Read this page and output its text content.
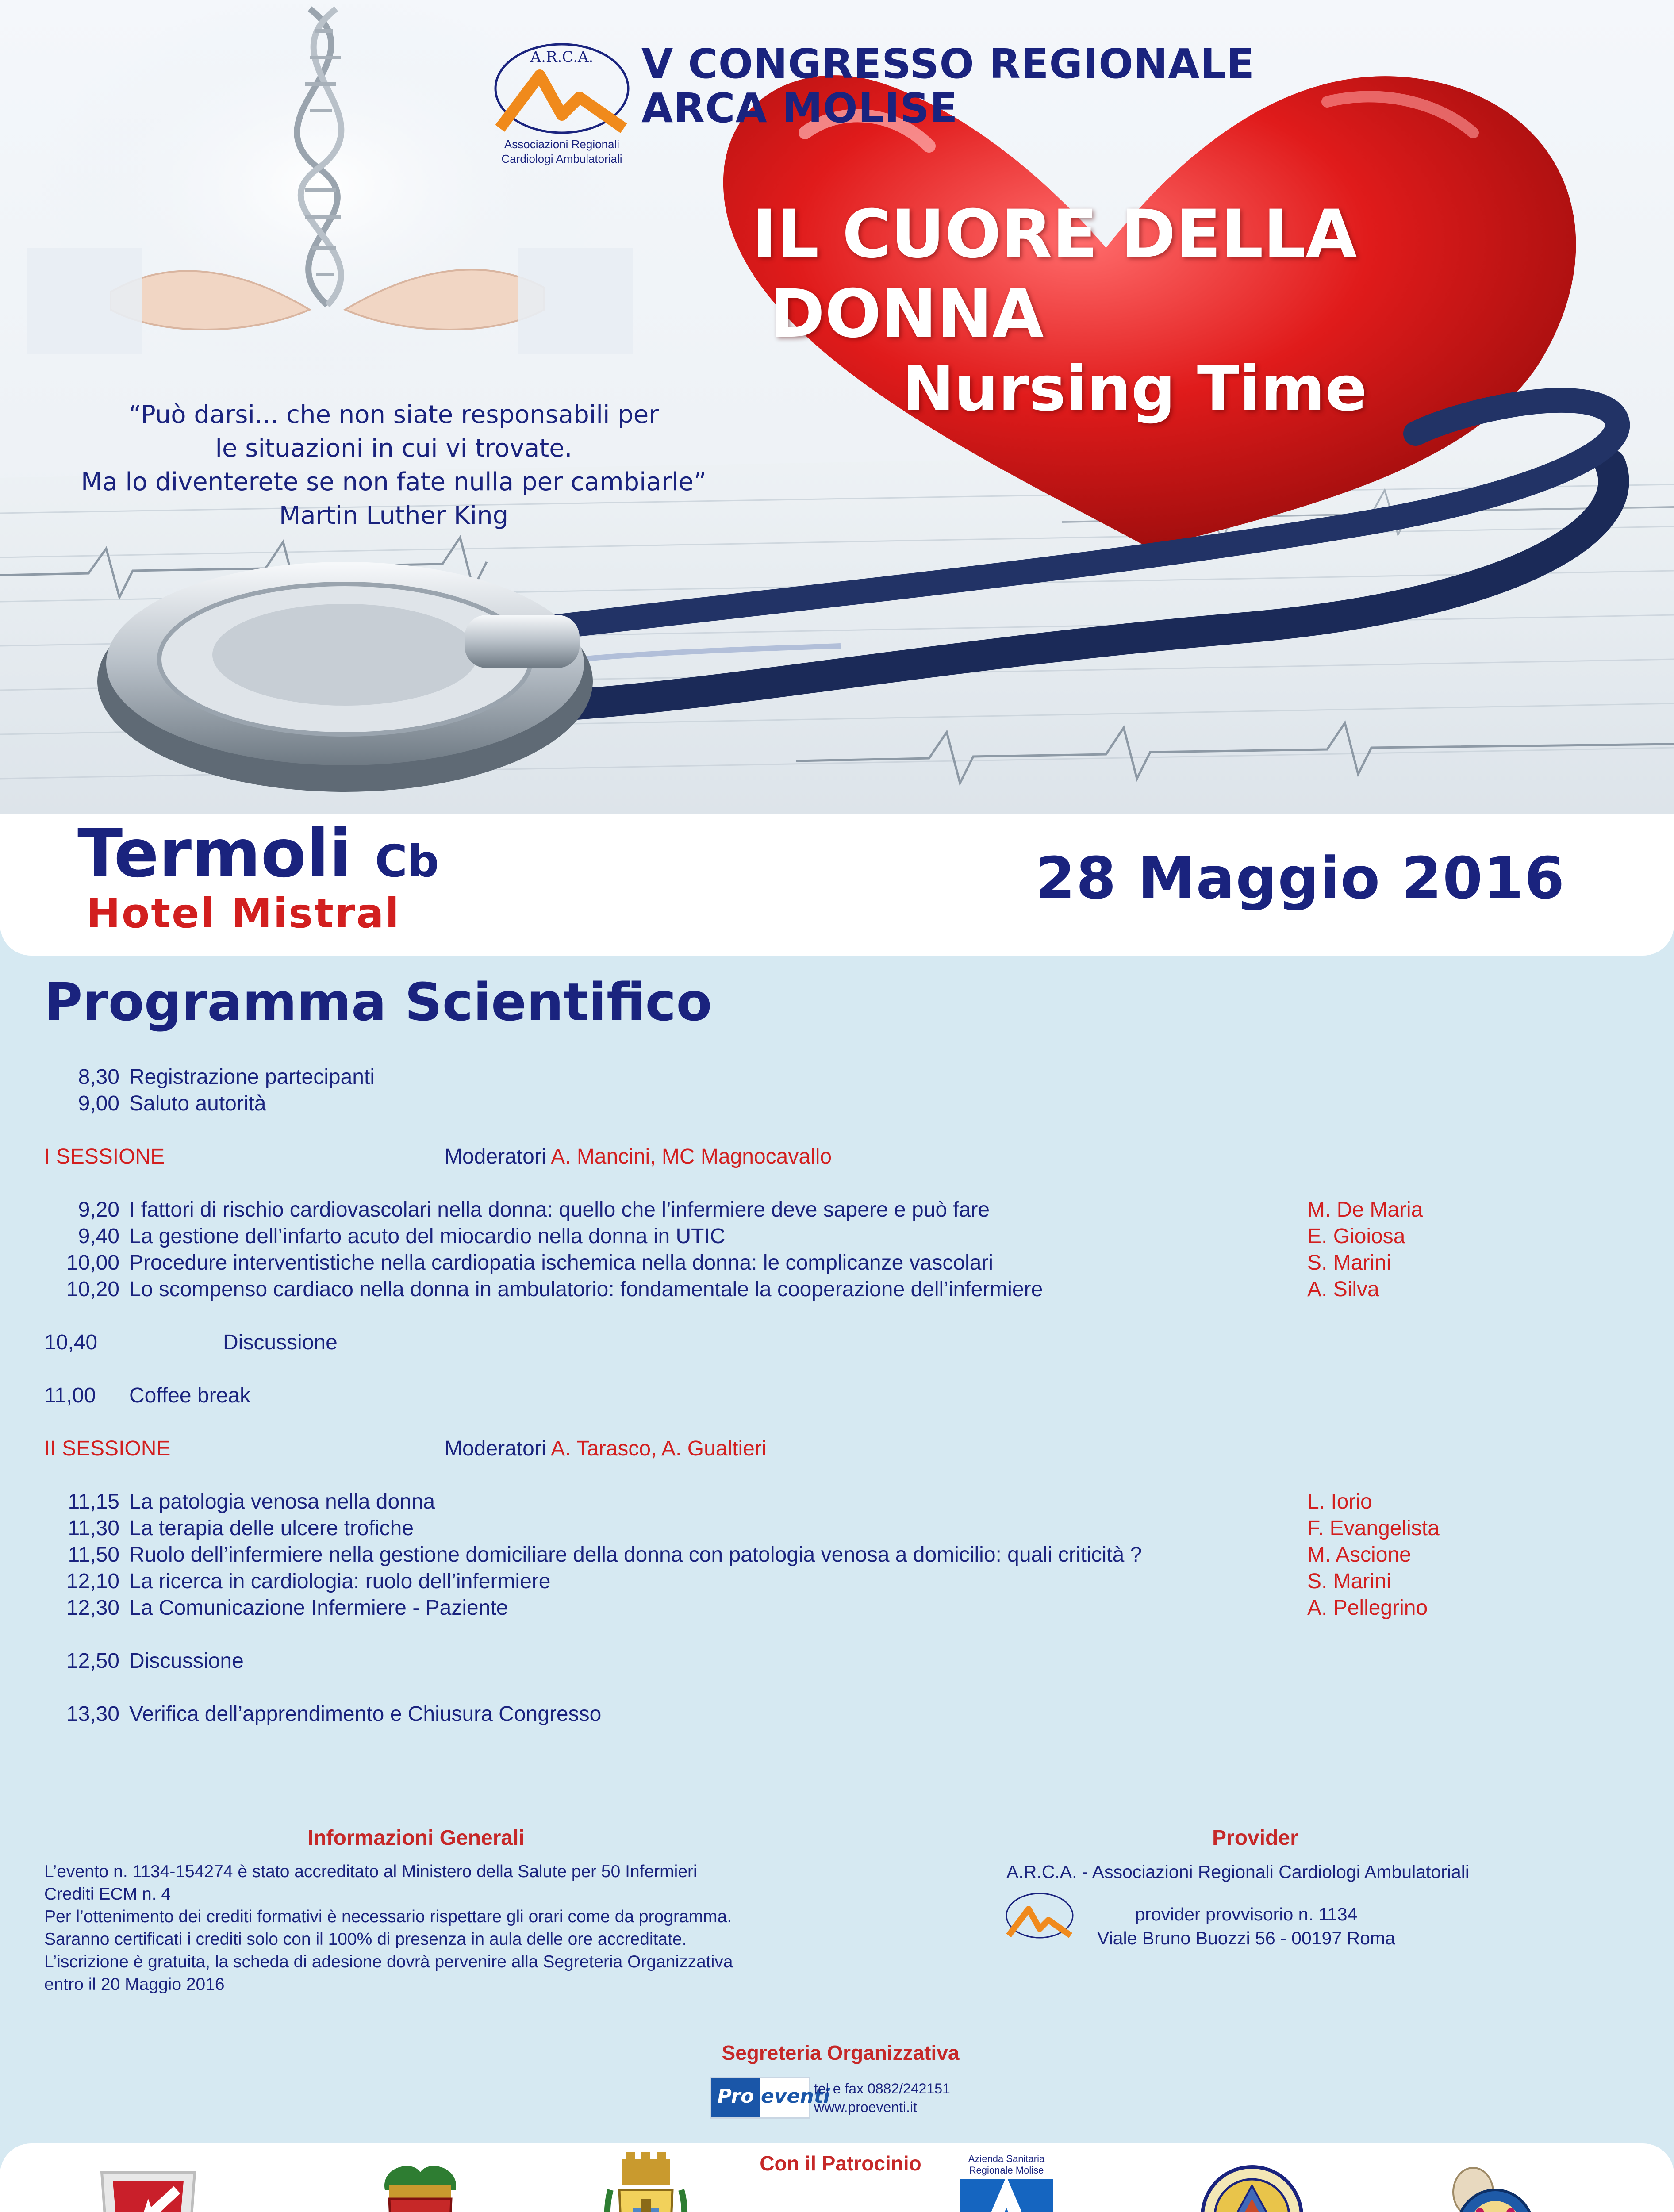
A.R.C.A.
Associazioni Regionali
Cardiologi Ambulatoriali
V CONGRESSO REGIONALE
ARCA MOLISE
IL CUORE DELLA
DONNA
Nursing Time
“Può darsi... che non siate responsabili per
le situazioni in cui vi trovate.
Ma lo diventerete se non fate nulla per cambiarle”
Martin Luther King
Termoli Cb
Hotel Mistral
28 Maggio 2016
Programma Scientifico
8,30 Registrazione partecipanti
9,00 Saluto autorità
I SESSIONE	Moderatori A. Mancini, MC Magnocavallo
9,20 I fattori di rischio cardiovascolari nella donna: quello che l’infermiere deve sapere e può fare	M. De Maria
9,40 La gestione dell’infarto acuto del miocardio nella donna in UTIC	E. Gioiosa
10,00 Procedure interventistiche nella cardiopatia ischemica nella donna: le complicanze vascolari	S. Marini
10,20 Lo scompenso cardiaco nella donna in ambulatorio: fondamentale la cooperazione dell’infermiere	A. Silva
10,40	Discussione
11,00 Coffee break
II SESSIONE	Moderatori A. Tarasco, A. Gualtieri
11,15 La patologia venosa nella donna	L. Iorio
11,30 La terapia delle ulcere trofiche	F. Evangelista
11,50 Ruolo dell’infermiere nella gestione domiciliare della donna con patologia venosa a domicilio: quali criticità ?	M. Ascione
12,10 La ricerca in cardiologia: ruolo dell’infermiere	S. Marini
12,30 La Comunicazione Infermiere - Paziente	A. Pellegrino
12,50 Discussione
13,30 Verifica dell’apprendimento e Chiusura Congresso
Informazioni Generali
L’evento n. 1134-154274 è stato accreditato al Ministero della Salute per 50 Infermieri
Crediti ECM n. 4
Per l’ottenimento dei crediti formativi è necessario rispettare gli orari come da programma.
Saranno certificati i crediti solo con il 100% di presenza in aula delle ore accreditate.
L’iscrizione è gratuita, la scheda di adesione dovrà pervenire alla Segreteria Organizzativa
entro il 20 Maggio 2016
Provider
A.R.C.A. - Associazioni Regionali Cardiologi Ambulatoriali
provider provvisorio n. 1134
Viale Bruno Buozzi 56 - 00197 Roma
Segreteria Organizzativa
Pro eventi
tel e fax 0882/242151
www.proeventi.it
Con il Patrocinio	Azienda Sanitaria
Regionale Molise
